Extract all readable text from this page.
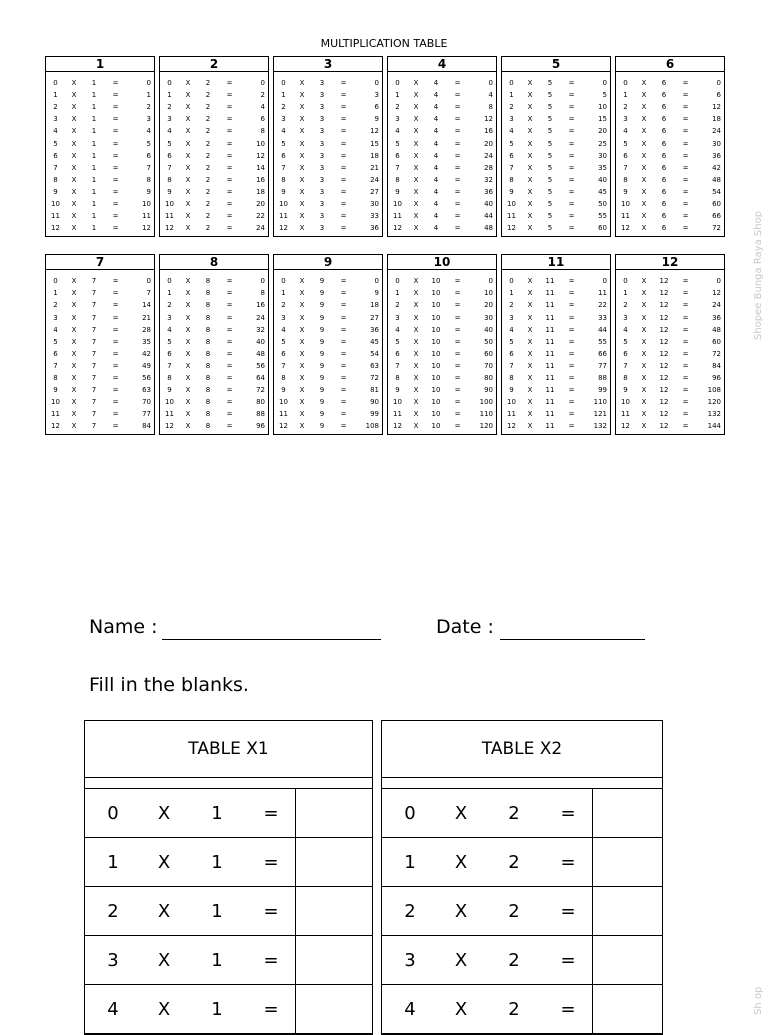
MULTIPLICATION TABLE
1
0	X	1	=	0
1	X	1	=	1
2	X	1	=	2
3	X	1	=	3
4	X	1	=	4
5	X	1	=	5
6	X	1	=	6
7	X	1	=	7
8	X	1	=	8
9	X	1	=	9
10	X	1	=	10
11	X	1	=	11
12	X	1	=	12
2
0	X	2	=	0
1	X	2	=	2
2	X	2	=	4
3	X	2	=	6
4	X	2	=	8
5	X	2	=	10
6	X	2	=	12
7	X	2	=	14
8	X	2	=	16
9	X	2	=	18
10	X	2	=	20
11	X	2	=	22
12	X	2	=	24
3
0	X	3	=	0
1	X	3	=	3
2	X	3	=	6
3	X	3	=	9
4	X	3	=	12
5	X	3	=	15
6	X	3	=	18
7	X	3	=	21
8	X	3	=	24
9	X	3	=	27
10	X	3	=	30
11	X	3	=	33
12	X	3	=	36
4
0	X	4	=	0
1	X	4	=	4
2	X	4	=	8
3	X	4	=	12
4	X	4	=	16
5	X	4	=	20
6	X	4	=	24
7	X	4	=	28
8	X	4	=	32
9	X	4	=	36
10	X	4	=	40
11	X	4	=	44
12	X	4	=	48
5
0	X	5	=	0
1	X	5	=	5
2	X	5	=	10
3	X	5	=	15
4	X	5	=	20
5	X	5	=	25
6	X	5	=	30
7	X	5	=	35
8	X	5	=	40
9	X	5	=	45
10	X	5	=	50
11	X	5	=	55
12	X	5	=	60
6
0	X	6	=	0
1	X	6	=	6
2	X	6	=	12
3	X	6	=	18
4	X	6	=	24
5	X	6	=	30
6	X	6	=	36
7	X	6	=	42
8	X	6	=	48
9	X	6	=	54
10	X	6	=	60
11	X	6	=	66
12	X	6	=	72
7
0	X	7	=	0
1	X	7	=	7
2	X	7	=	14
3	X	7	=	21
4	X	7	=	28
5	X	7	=	35
6	X	7	=	42
7	X	7	=	49
8	X	7	=	56
9	X	7	=	63
10	X	7	=	70
11	X	7	=	77
12	X	7	=	84
8
0	X	8	=	0
1	X	8	=	8
2	X	8	=	16
3	X	8	=	24
4	X	8	=	32
5	X	8	=	40
6	X	8	=	48
7	X	8	=	56
8	X	8	=	64
9	X	8	=	72
10	X	8	=	80
11	X	8	=	88
12	X	8	=	96
9
0	X	9	=	0
1	X	9	=	9
2	X	9	=	18
3	X	9	=	27
4	X	9	=	36
5	X	9	=	45
6	X	9	=	54
7	X	9	=	63
8	X	9	=	72
9	X	9	=	81
10	X	9	=	90
11	X	9	=	99
12	X	9	=	108
10
0	X	10	=	0
1	X	10	=	10
2	X	10	=	20
3	X	10	=	30
4	X	10	=	40
5	X	10	=	50
6	X	10	=	60
7	X	10	=	70
8	X	10	=	80
9	X	10	=	90
10	X	10	=	100
11	X	10	=	110
12	X	10	=	120
11
0	X	11	=	0
1	X	11	=	11
2	X	11	=	22
3	X	11	=	33
4	X	11	=	44
5	X	11	=	55
6	X	11	=	66
7	X	11	=	77
8	X	11	=	88
9	X	11	=	99
10	X	11	=	110
11	X	11	=	121
12	X	11	=	132
12
0	X	12	=	0
1	X	12	=	12
2	X	12	=	24
3	X	12	=	36
4	X	12	=	48
5	X	12	=	60
6	X	12	=	72
7	X	12	=	84
8	X	12	=	96
9	X	12	=	108
10	X	12	=	120
11	X	12	=	132
12	X	12	=	144
Shopee Bunga Raya Shop
Sh op
Name :	Date :
Fill in the blanks.
TABLE X1
0	X	1	=
1	X	1	=
2	X	1	=
3	X	1	=
4	X	1	=
TABLE X2
0	X	2	=
1	X	2	=
2	X	2	=
3	X	2	=
4	X	2	=
